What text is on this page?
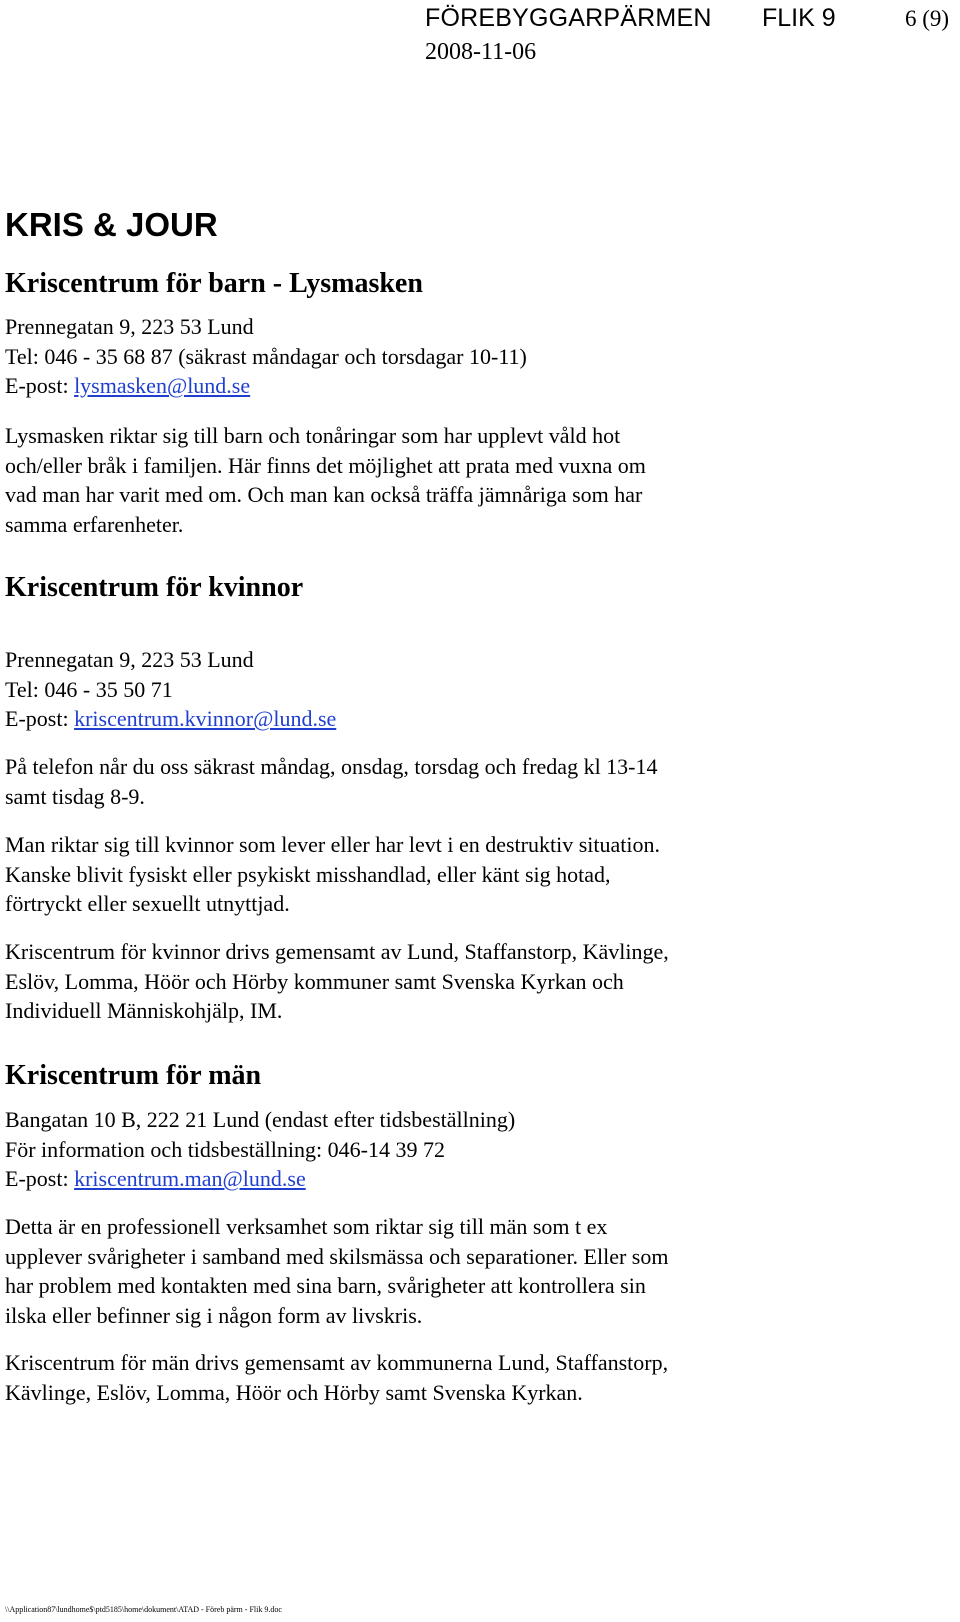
FÖREBYGGARPÄRMEN FLIK 9	6 (9)
2008-11-06
KRIS & JOUR
Kriscentrum för barn - Lysmasken
Prennegatan 9, 223 53 Lund
Tel: 046 - 35 68 87 (säkrast måndagar och torsdagar 10-11)
E-post: lysmasken@lund.se
Lysmasken riktar sig till barn och tonåringar som har upplevt våld hot
och/eller bråk i familjen. Här finns det möjlighet att prata med vuxna om
vad man har varit med om. Och man kan också träffa jämnåriga som har
samma erfarenheter.
Kriscentrum för kvinnor
Prennegatan 9, 223 53 Lund
Tel: 046 - 35 50 71
E-post: kriscentrum.kvinnor@lund.se
På telefon når du oss säkrast måndag, onsdag, torsdag och fredag kl 13-14
samt tisdag 8-9.
Man riktar sig till kvinnor som lever eller har levt i en destruktiv situation.
Kanske blivit fysiskt eller psykiskt misshandlad, eller känt sig hotad,
förtryckt eller sexuellt utnyttjad.
Kriscentrum för kvinnor drivs gemensamt av Lund, Staffanstorp, Kävlinge,
Eslöv, Lomma, Höör och Hörby kommuner samt Svenska Kyrkan och
Individuell Människohjälp, IM.
Kriscentrum för män
Bangatan 10 B, 222 21 Lund (endast efter tidsbeställning)
För information och tidsbeställning: 046-14 39 72
E-post: kriscentrum.man@lund.se
Detta är en professionell verksamhet som riktar sig till män som t ex
upplever svårigheter i samband med skilsmässa och separationer. Eller som
har problem med kontakten med sina barn, svårigheter att kontrollera sin
ilska eller befinner sig i någon form av livskris.
Kriscentrum för män drivs gemensamt av kommunerna Lund, Staffanstorp,
Kävlinge, Eslöv, Lomma, Höör och Hörby samt Svenska Kyrkan.
\\Application87\lundhome$\ptd5185\home\dokument\ATAD - Föreb pärm - Flik 9.doc
